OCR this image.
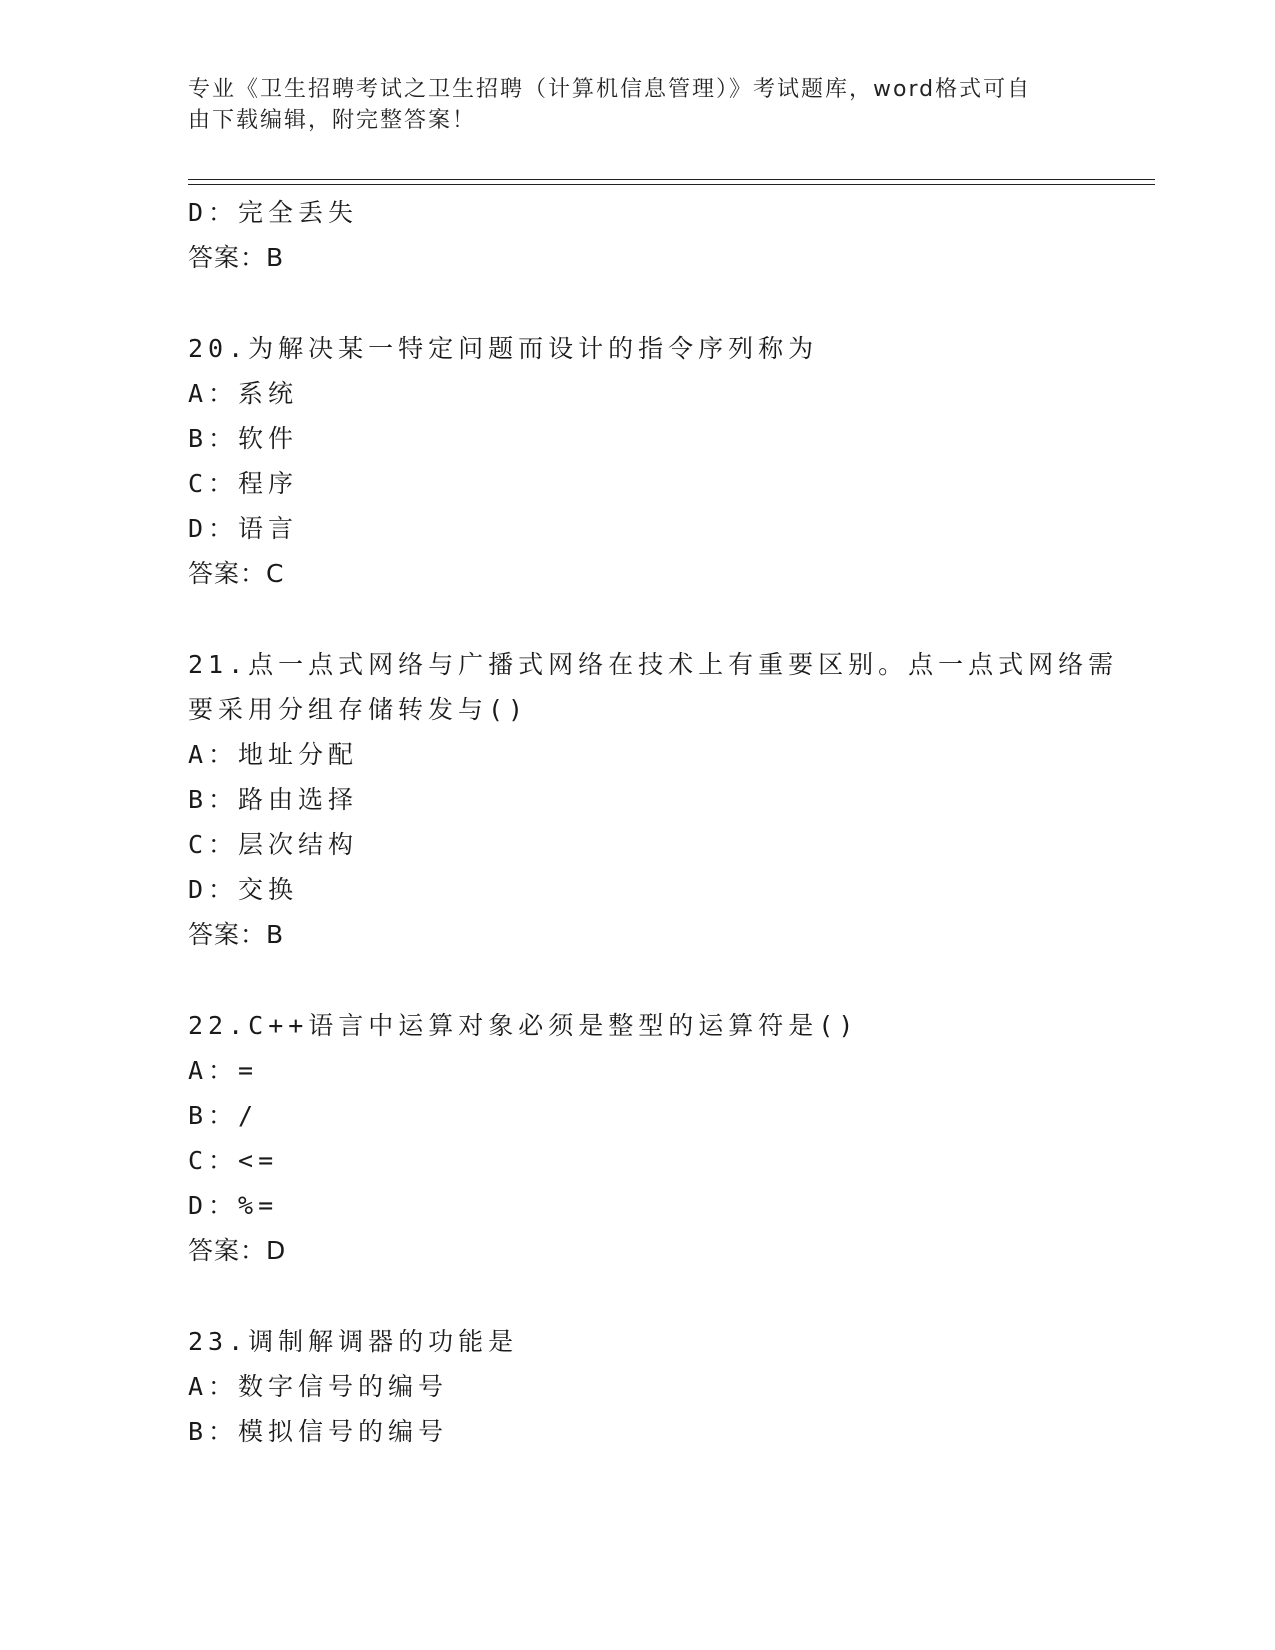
专业《卫生招聘考试之卫生招聘（计算机信息管理）》考试题库，word格式可自
由下载编辑，附完整答案！
D：完全丢失
答案：B
20.为解决某一特定问题而设计的指令序列称为
A：系统
B：软件
C：程序
D：语言
答案：C
21.点一点式网络与广播式网络在技术上有重要区别。点一点式网络需
要采用分组存储转发与()
A：地址分配
B：路由选择
C：层次结构
D：交换
答案：B
22.C++语言中运算对象必须是整型的运算符是()
A：=
B：/
C：<=
D：%=
答案：D
23.调制解调器的功能是
A：数字信号的编号
B：模拟信号的编号
